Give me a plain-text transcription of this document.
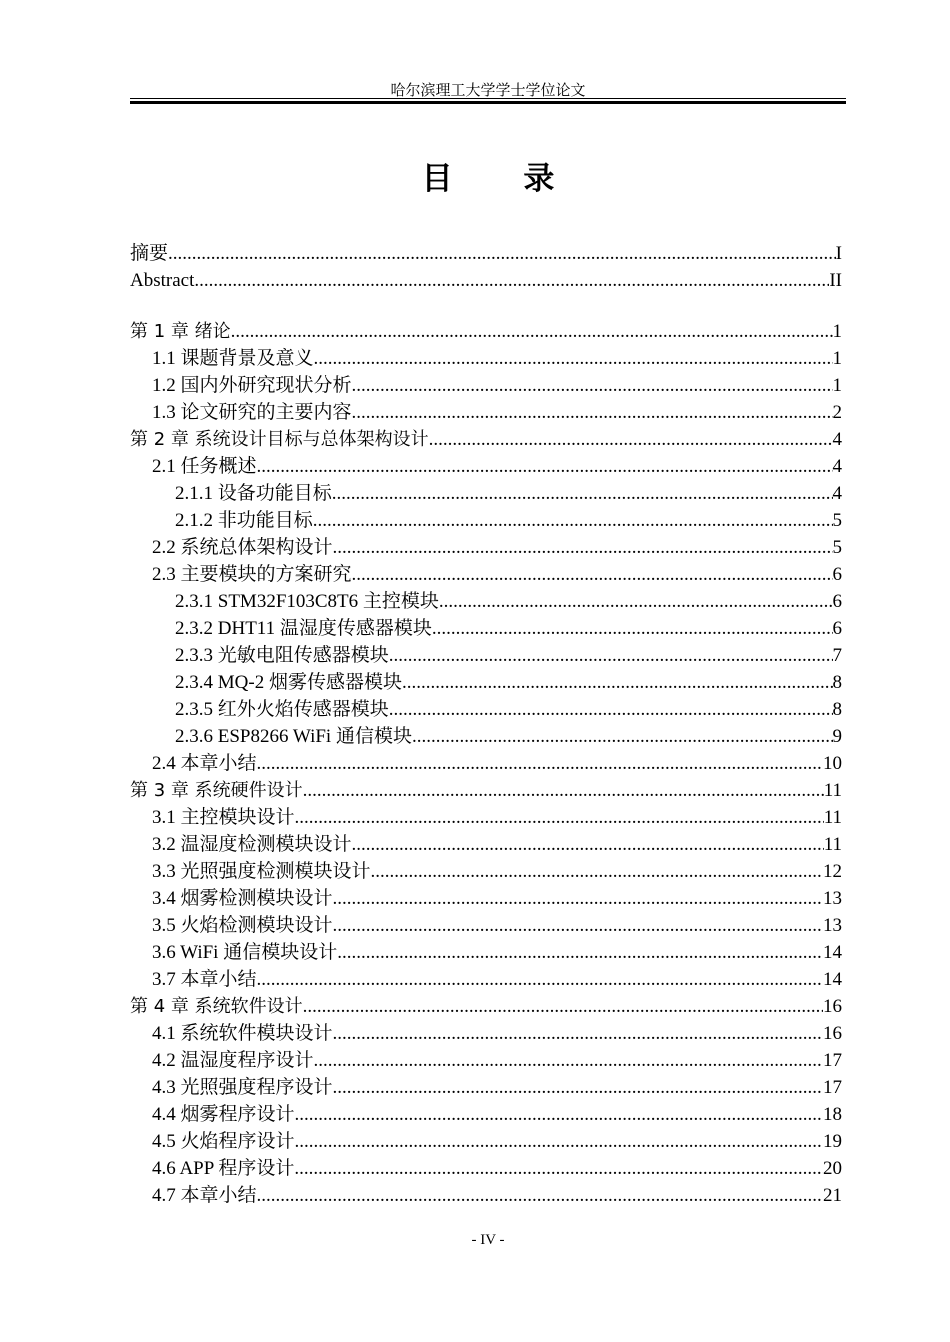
哈尔滨理工大学学士学位论文
目 录
摘要 .....	I
Abstract .....	II
第 1 章 绪论 .....	1
1.1 课题背景及意义 .....	1
1.2 国内外研究现状分析 .....	1
1.3 论文研究的主要内容 .....	2
第 2 章 系统设计目标与总体架构设计 .....	4
2.1 任务概述 .....	4
2.1.1 设备功能目标 .....	4
2.1.2 非功能目标 .....	5
2.2 系统总体架构设计 .....	5
2.3 主要模块的方案研究 .....	6
2.3.1 STM32F103C8T6 主控模块 .....	6
2.3.2 DHT11 温湿度传感器模块 .....	6
2.3.3 光敏电阻传感器模块 .....	7
2.3.4 MQ-2 烟雾传感器模块 .....	8
2.3.5 红外火焰传感器模块 .....	8
2.3.6 ESP8266 WiFi 通信模块 .....	9
2.4 本章小结 .....	10
第 3 章 系统硬件设计 .....	11
3.1 主控模块设计 .....	11
3.2 温湿度检测模块设计 .....	11
3.3 光照强度检测模块设计 .....	12
3.4 烟雾检测模块设计 .....	13
3.5 火焰检测模块设计 .....	13
3.6 WiFi 通信模块设计 .....	14
3.7 本章小结 .....	14
第 4 章 系统软件设计 .....	16
4.1 系统软件模块设计 .....	16
4.2 温湿度程序设计 .....	17
4.3 光照强度程序设计 .....	17
4.4 烟雾程序设计 .....	18
4.5 火焰程序设计 .....	19
4.6 APP 程序设计 .....	20
4.7 本章小结 .....	21
- IV -
